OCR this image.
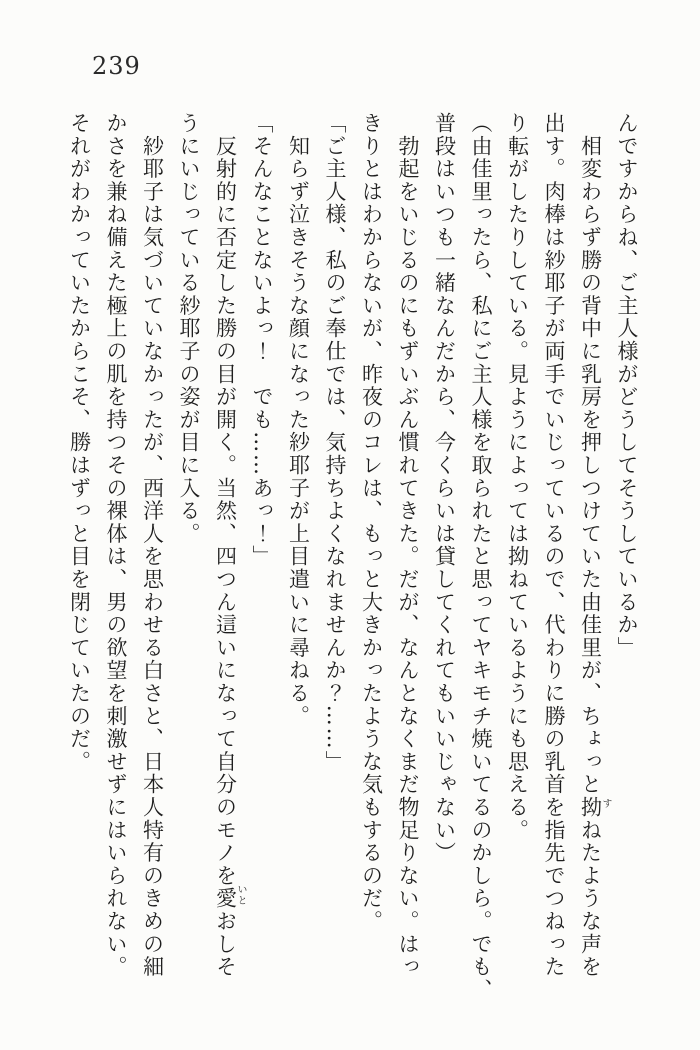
239
んですからね、ご主人様がどうしてそうしているか」
　相変わらず勝の背中に乳房を押しつけていた由佳里が、ちょっと拗ねたような声を
出す。肉棒は紗耶子が両手でいじっているので、代わりに勝の乳首を指先でつねった
り転がしたりしている。見ようによっては拗ねているようにも思える。
（由佳里ったら、私にご主人様を取られたと思ってヤキモチ焼いてるのかしら。でも、
普段はいつも一緒なんだから、今くらいは貸してくれてもいいじゃない）
　勃起をいじるのにもずいぶん慣れてきた。だが、なんとなくまだ物足りない。はっ
きりとはわからないが、昨夜のコレは、もっと大きかったような気もするのだ。
「ご主人様、私のご奉仕では、気持ちよくなれませんか？……」
　知らず泣きそうな顔になった紗耶子が上目遣いに尋ねる。
「そんなことないよっ！　でも……あっ！」
　反射的に否定した勝の目が開く。当然、四つん這いになって自分のモノを愛おしそ
うにいじっている紗耶子の姿が目に入る。
　紗耶子は気づいていなかったが、西洋人を思わせる白さと、日本人特有のきめの細
かさを兼ね備えた極上の肌を持つその裸体は、男の欲望を刺激せずにはいられない。
それがわかっていたからこそ、勝はずっと目を閉じていたのだ。
す
いと
